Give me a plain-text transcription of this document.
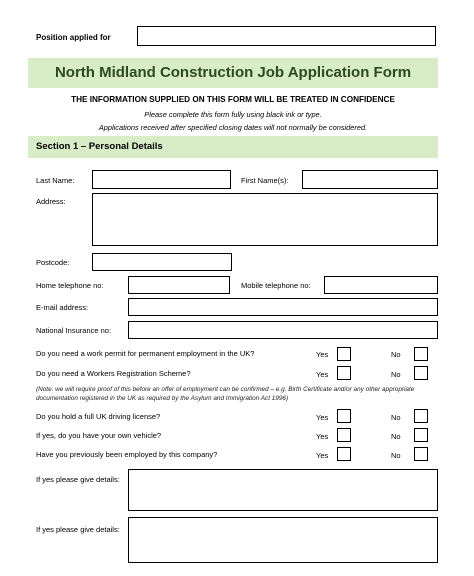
Position applied for
North Midland Construction Job Application Form
THE INFORMATION SUPPLIED ON THIS FORM WILL BE TREATED IN CONFIDENCE
Please complete this form fully using black ink or type.
Applications received after specified closing dates will not normally be considered.
Section 1 – Personal Details
Last Name:	First Name(s):
Address:
Postcode:
Home telephone no:	Mobile telephone no:
E-mail address:
National Insurance no:
Do you need a work permit for permanent employment in the UK?	Yes	No
Do you need a Workers Registration Scheme?	Yes	No
(Note: we will require proof of this before an offer of employment can be confirmed – e.g. Birth Certificate and/or any other appropriate
documentation registered in the UK as required by the Asylum and Immigration Act 1996)
Do you hold a full UK driving license?	Yes	No
If yes, do you have your own vehicle?	Yes	No
Have you previously been employed by this company?	Yes	No
If yes please give details:
If yes please give details:
